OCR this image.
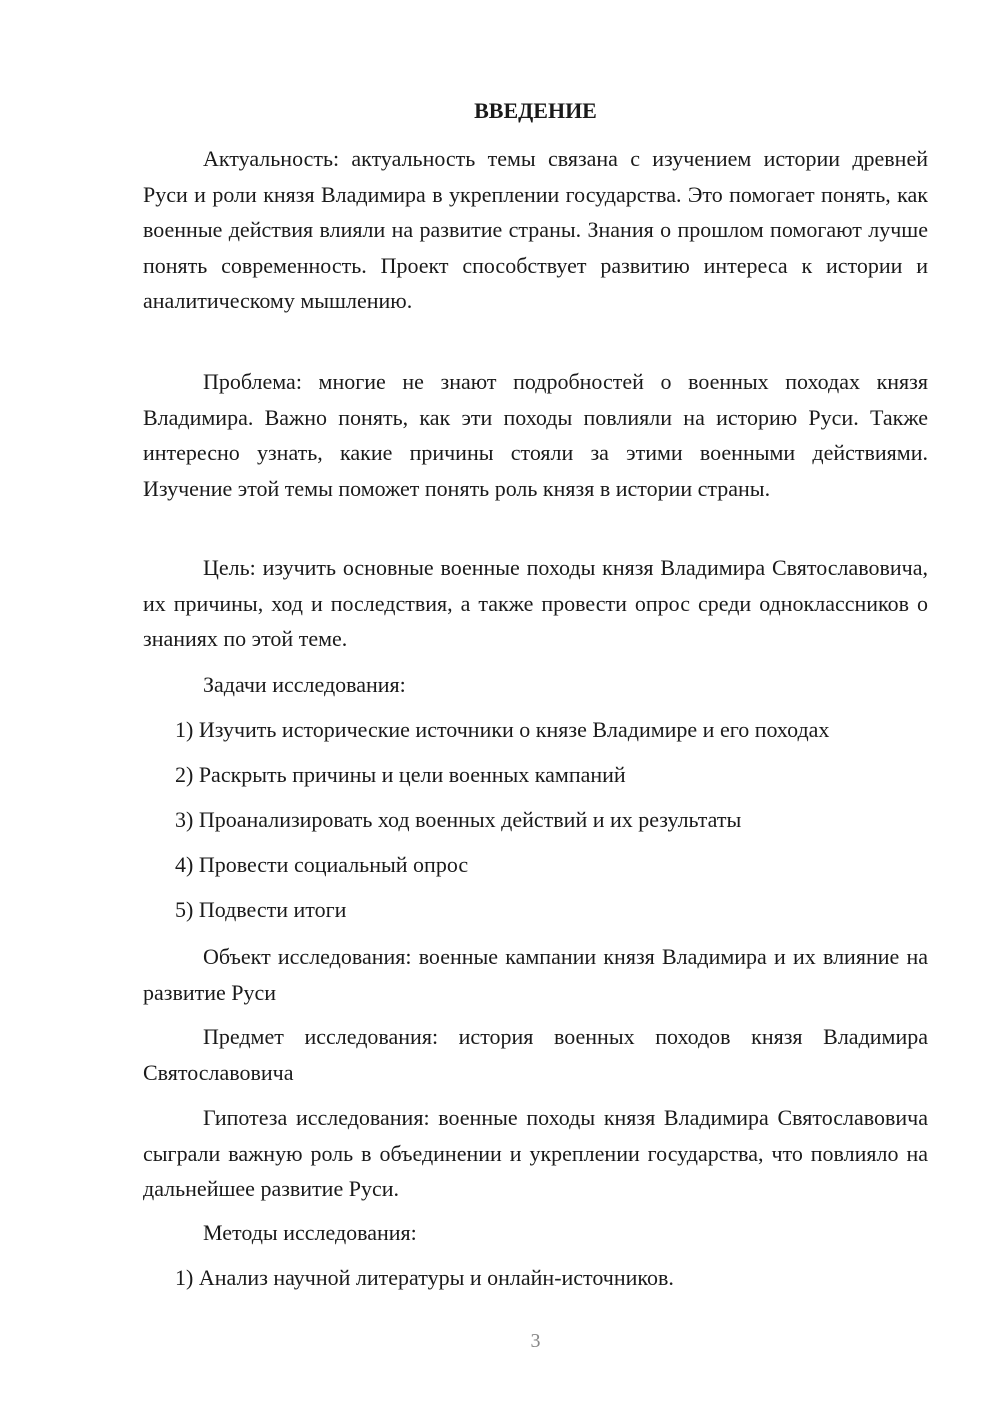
ВВЕДЕНИЕ

Актуальность: актуальность темы связана с изучением истории древней Руси и роли князя Владимира в укреплении государства. Это помогает понять, как военные действия влияли на развитие страны. Знания о прошлом помогают лучше понять современность. Проект способствует развитию интереса к истории и аналитическому мышлению.

Проблема: многие не знают подробностей о военных походах князя Владимира. Важно понять, как эти походы повлияли на историю Руси. Также интересно узнать, какие причины стояли за этими военными действиями. Изучение этой темы поможет понять роль князя в истории страны.

Цель: изучить основные военные походы князя Владимира Святославовича, их причины, ход и последствия, а также провести опрос среди одноклассников о знаниях по этой теме.

Задачи исследования:

1) Изучить исторические источники о князе Владимире и его походах

2) Раскрыть причины и цели военных кампаний

3) Проанализировать ход военных действий и их результаты

4) Провести социальный опрос

5) Подвести итоги

Объект исследования: военные кампании князя Владимира и их влияние на развитие Руси

Предмет исследования: история военных походов князя Владимира Святославовича

Гипотеза исследования: военные походы князя Владимира Святославовича сыграли важную роль в объединении и укреплении государства, что повлияло на дальнейшее развитие Руси.

Методы исследования:

1) Анализ научной литературы и онлайн-источников.

3
